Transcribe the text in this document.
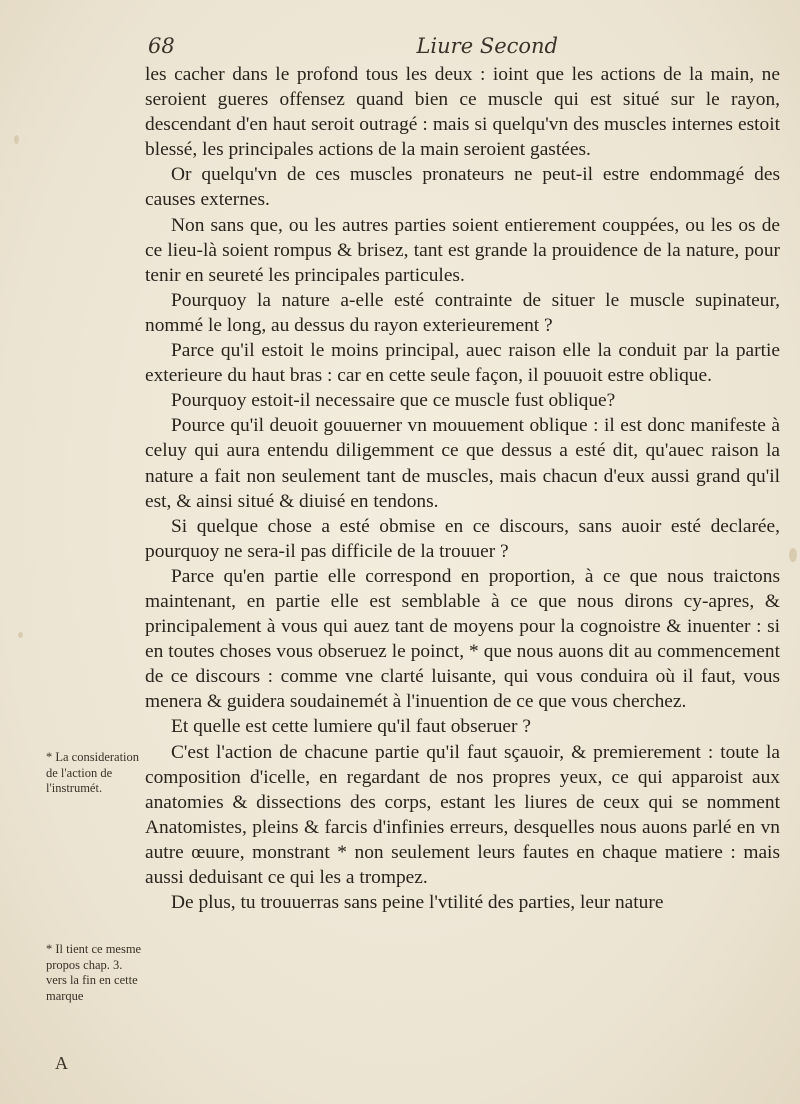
68	Liure Second

les cacher dans le profond tous les deux : ioint que les actions de la main, ne seroient gueres offensez quand bien ce muscle qui est situé sur le rayon, descendant d'en haut seroit outragé : mais si quelqu'vn des muscles internes estoit blessé, les principales actions de la main seroient gastées.

Or quelqu'vn de ces muscles pronateurs ne peut-il estre endommagé des causes externes.

Non sans que, ou les autres parties soient entierement couppées, ou les os de ce lieu-là soient rompus & brisez, tant est grande la prouidence de la nature, pour tenir en seureté les principales particules.

Pourquoy la nature a-elle esté contrainte de situer le muscle supinateur, nommé le long, au dessus du rayon exterieurement ?

Parce qu'il estoit le moins principal, auec raison elle la conduit par la partie exterieure du haut bras : car en cette seule façon, il pouuoit estre oblique.

Pourquoy estoit-il necessaire que ce muscle fust oblique?

Pource qu'il deuoit gouuerner vn mouuement oblique : il est donc manifeste à celuy qui aura entendu diligemment ce que dessus a esté dit, qu'auec raison la nature a fait non seulement tant de muscles, mais chacun d'eux aussi grand qu'il est, & ainsi situé & diuisé en tendons.

Si quelque chose a esté obmise en ce discours, sans auoir esté declarée, pourquoy ne sera-il pas difficile de la trouuer ?

Parce qu'en partie elle correspond en proportion, à ce que nous traictons maintenant, en partie elle est semblable à ce que nous dirons cy-apres, & principalement à vous qui auez tant de moyens pour la cognoistre & inuenter : si en toutes choses vous obseruez le poinct, * que nous auons dit au commencement de ce discours : comme vne clarté luisante, qui vous conduira où il faut, vous menera & guidera soudainemét à l'inuention de ce que vous cherchez.

Et quelle est cette lumiere qu'il faut obseruer ?

C'est l'action de chacune partie qu'il faut sçauoir, & premierement : toute la composition d'icelle, en regardant de nos propres yeux, ce qui apparoist aux anatomies & dissections des corps, estant les liures de ceux qui se nomment Anatomistes, pleins & farcis d'infinies erreurs, desquelles nous auons parlé en vn autre œuure, monstrant * non seulement leurs fautes en chaque matiere : mais aussi deduisant ce qui les a trompez.

De plus, tu trouuerras sans peine l'vtilité des parties, leur nature

* La consideration de l'action de l'instrumét.

* Il tient ce mesme propos chap. 3. vers la fin en cette marque

A
